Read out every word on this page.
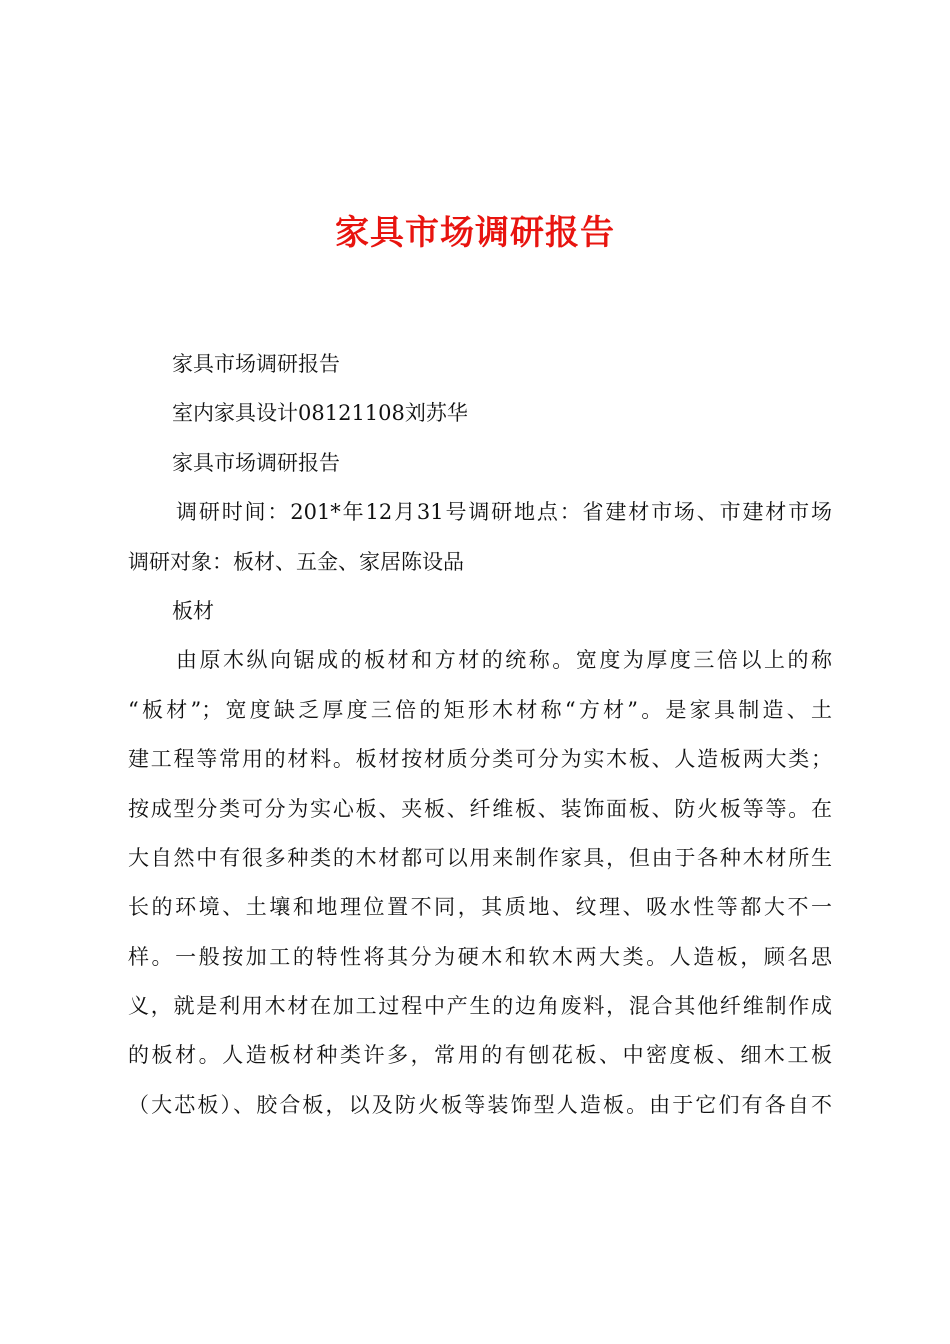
家具市场调研报告
家具市场调研报告
室内家具设计08121108刘苏华
家具市场调研报告
调研时间：201*年12月31号调研地点：省建材市场、市建材市场
调研对象：板材、五金、家居陈设品
板材
由原木纵向锯成的板材和方材的统称。宽度为厚度三倍以上的称
“板材”；宽度缺乏厚度三倍的矩形木材称“方材”。是家具制造、土
建工程等常用的材料。板材按材质分类可分为实木板、人造板两大类；
按成型分类可分为实心板、夹板、纤维板、装饰面板、防火板等等。在
大自然中有很多种类的木材都可以用来制作家具，但由于各种木材所生
长的环境、土壤和地理位置不同，其质地、纹理、吸水性等都大不一
样。一般按加工的特性将其分为硬木和软木两大类。人造板，顾名思
义，就是利用木材在加工过程中产生的边角废料，混合其他纤维制作成
的板材。人造板材种类许多，常用的有刨花板、中密度板、细木工板
（大芯板）、胶合板，以及防火板等装饰型人造板。由于它们有各自不
